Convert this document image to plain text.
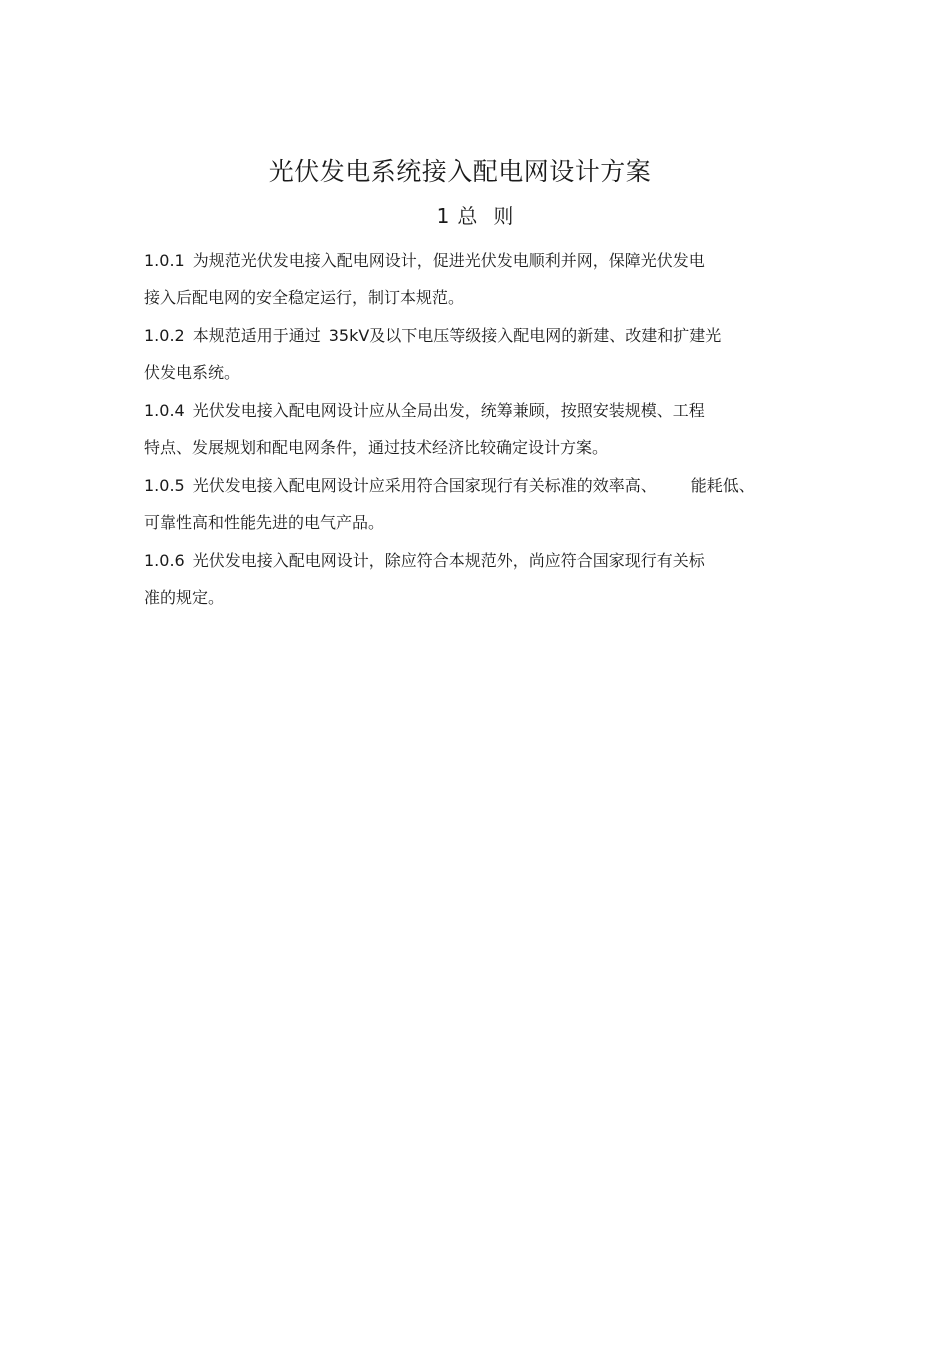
光伏发电系统接入配电网设计方案
1 总 则
1.0.1 为规范光伏发电接入配电网设计，促进光伏发电顺利并网，保障光伏发电
接入后配电网的安全稳定运行，制订本规范。
1.0.2 本规范适用于通过 35kV及以下电压等级接入配电网的新建、改建和扩建光
伏发电系统。
1.0.4 光伏发电接入配电网设计应从全局出发，统筹兼顾，按照安装规模、工程
特点、发展规划和配电网条件，通过技术经济比较确定设计方案。
1.0.5 光伏发电接入配电网设计应采用符合国家现行有关标准的效率高、 能耗低、
可靠性高和性能先进的电气产品。
1.0.6 光伏发电接入配电网设计，除应符合本规范外，尚应符合国家现行有关标
准的规定。
